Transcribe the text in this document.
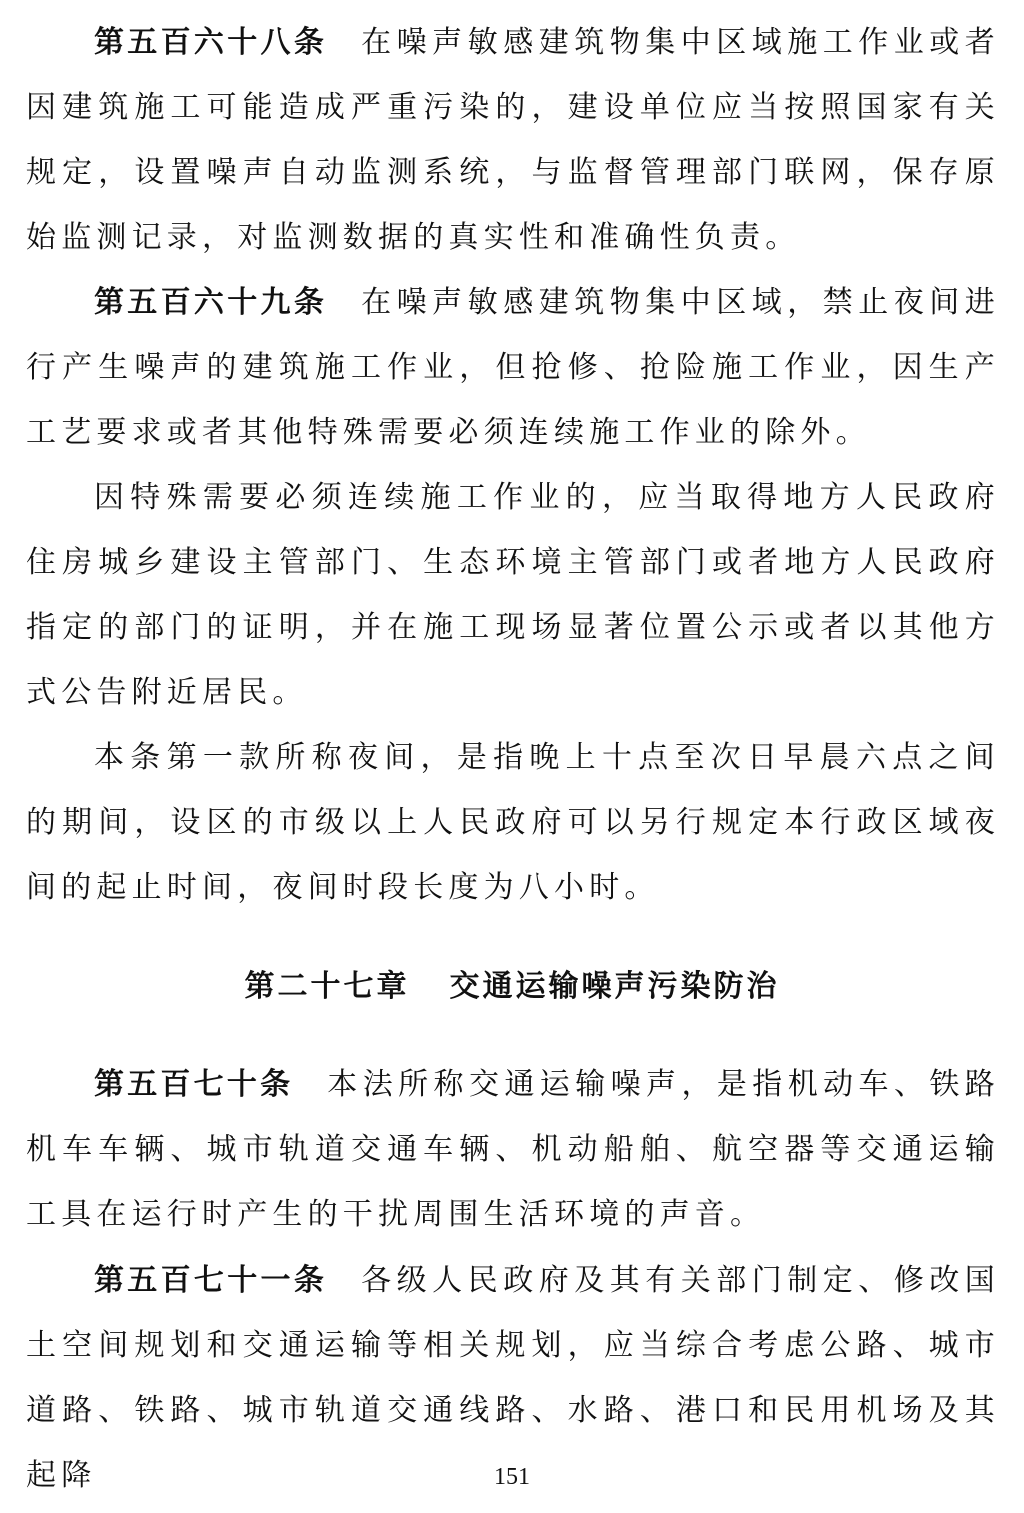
第五百六十八条 在噪声敏感建筑物集中区域施工作业或者因建筑施工可能造成严重污染的，建设单位应当按照国家有关规定，设置噪声自动监测系统，与监督管理部门联网，保存原始监测记录，对监测数据的真实性和准确性负责。

第五百六十九条 在噪声敏感建筑物集中区域，禁止夜间进行产生噪声的建筑施工作业，但抢修、抢险施工作业，因生产工艺要求或者其他特殊需要必须连续施工作业的除外。

因特殊需要必须连续施工作业的，应当取得地方人民政府住房城乡建设主管部门、生态环境主管部门或者地方人民政府指定的部门的证明，并在施工现场显著位置公示或者以其他方式公告附近居民。

本条第一款所称夜间，是指晚上十点至次日早晨六点之间的期间，设区的市级以上人民政府可以另行规定本行政区域夜间的起止时间，夜间时段长度为八小时。

第二十七章 交通运输噪声污染防治

第五百七十条 本法所称交通运输噪声，是指机动车、铁路机车车辆、城市轨道交通车辆、机动船舶、航空器等交通运输工具在运行时产生的干扰周围生活环境的声音。

第五百七十一条 各级人民政府及其有关部门制定、修改国土空间规划和交通运输等相关规划，应当综合考虑公路、城市道路、铁路、城市轨道交通线路、水路、港口和民用机场及其起降	151
